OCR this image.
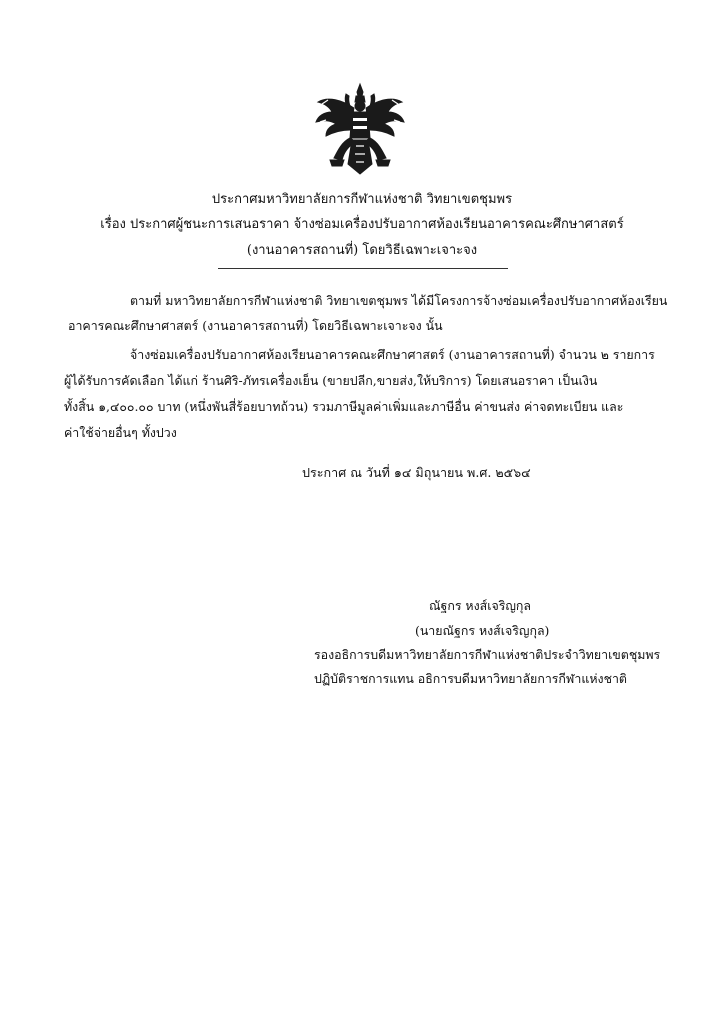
ประกาศมหาวิทยาลัยการกีฬาแห่งชาติ วิทยาเขตชุมพร
เรื่อง ประกาศผู้ชนะการเสนอราคา จ้างซ่อมเครื่องปรับอากาศห้องเรียนอาคารคณะศึกษาศาสตร์
(งานอาคารสถานที่) โดยวิธีเฉพาะเจาะจง
ตามที่ มหาวิทยาลัยการกีฬาแห่งชาติ วิทยาเขตชุมพร ได้มีโครงการจ้างซ่อมเครื่องปรับอากาศห้องเรียน
อาคารคณะศึกษาศาสตร์ (งานอาคารสถานที่) โดยวิธีเฉพาะเจาะจง นั้น
จ้างซ่อมเครื่องปรับอากาศห้องเรียนอาคารคณะศึกษาศาสตร์ (งานอาคารสถานที่) จำนวน ๒ รายการ
ผู้ได้รับการคัดเลือก ได้แก่ ร้านศิริ-ภัทรเครื่องเย็น (ขายปลีก,ขายส่ง,ให้บริการ) โดยเสนอราคา เป็นเงิน
ทั้งสิ้น ๑,๔๐๐.๐๐ บาท (หนึ่งพันสี่ร้อยบาทถ้วน) รวมภาษีมูลค่าเพิ่มและภาษีอื่น ค่าขนส่ง ค่าจดทะเบียน และ
ค่าใช้จ่ายอื่นๆ ทั้งปวง
ประกาศ ณ วันที่ ๑๔ มิถุนายน พ.ศ. ๒๕๖๔
ณัฐกร หงส์เจริญกุล
(นายณัฐกร หงส์เจริญกุล)
รองอธิการบดีมหาวิทยาลัยการกีฬาแห่งชาติประจำวิทยาเขตชุมพร
ปฏิบัติราชการแทน อธิการบดีมหาวิทยาลัยการกีฬาแห่งชาติ
